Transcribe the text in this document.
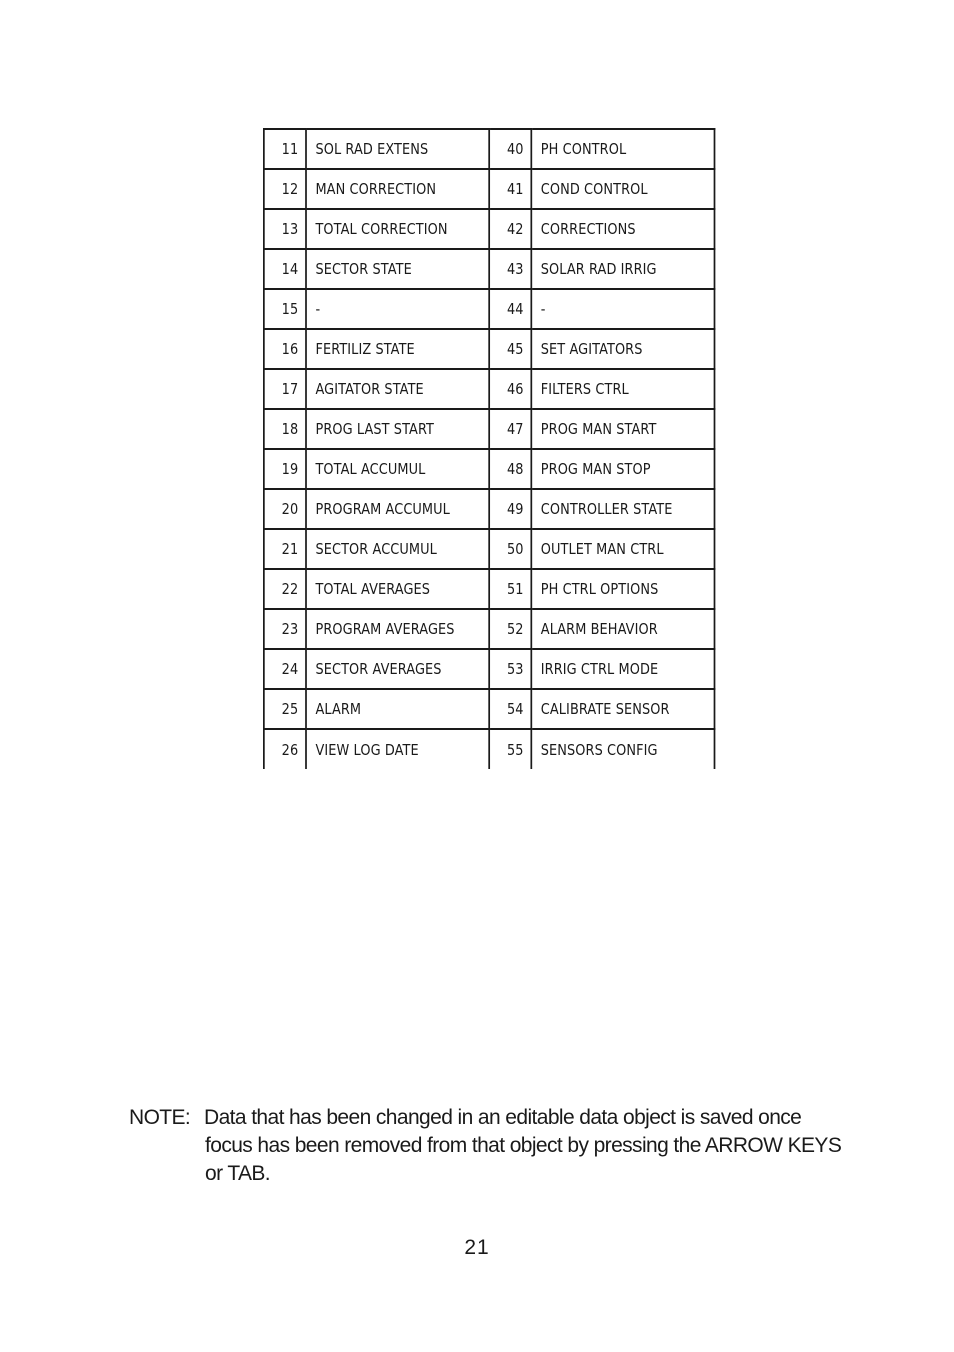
11	SOL RAD EXTENS	40	PH CONTROL
12	MAN CORRECTION	41	COND CONTROL
13	TOTAL CORRECTION	42	CORRECTIONS
14	SECTOR STATE	43	SOLAR RAD IRRIG
15	-	44	-
16	FERTILIZ STATE	45	SET AGITATORS
17	AGITATOR STATE	46	FILTERS CTRL
18	PROG LAST START	47	PROG MAN START
19	TOTAL ACCUMUL	48	PROG MAN STOP
20	PROGRAM ACCUMUL	49	CONTROLLER STATE
21	SECTOR ACCUMUL	50	OUTLET MAN CTRL
22	TOTAL AVERAGES	51	PH CTRL OPTIONS
23	PROGRAM AVERAGES	52	ALARM BEHAVIOR
24	SECTOR AVERAGES	53	IRRIG CTRL MODE
25	ALARM	54	CALIBRATE SENSOR
26	VIEW LOG DATE	55	SENSORS CONFIG
NOTE: Data that has been changed in an editable data object is saved once
focus has been removed from that object by pressing the ARROW KEYS
or TAB.
21
